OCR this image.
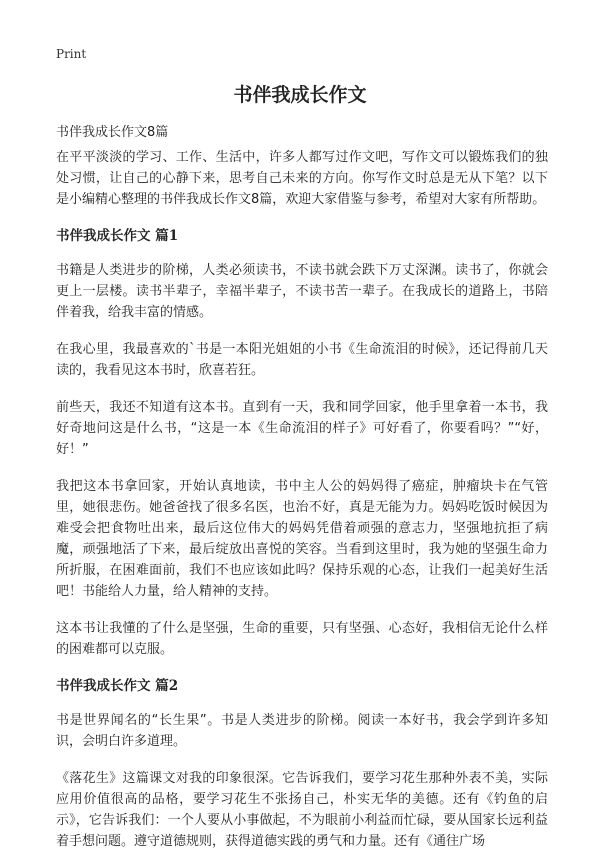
Print
书伴我成长作文
书伴我成长作文8篇

在平平淡淡的学习、工作、生活中，许多人都写过作文吧，写作文可以锻炼我们的独处习惯，让自己的心静下来，思考自己未来的方向。你写作文时总是无从下笔？以下是小编精心整理的书伴我成长作文8篇，欢迎大家借鉴与参考，希望对大家有所帮助。

书伴我成长作文 篇1

书籍是人类进步的阶梯，人类必须读书，不读书就会跌下万丈深渊。读书了，你就会更上一层楼。读书半辈子，幸福半辈子，不读书苦一辈子。在我成长的道路上，书陪伴着我，给我丰富的情感。

在我心里，我最喜欢的`书是一本阳光姐姐的小书《生命流泪的时候》，还记得前几天读的，我看见这本书时，欣喜若狂。

前些天，我还不知道有这本书。直到有一天，我和同学回家，他手里拿着一本书，我好奇地问这是什么书，“这是一本《生命流泪的样子》可好看了，你要看吗？”“好，好！”

我把这本书拿回家，开始认真地读，书中主人公的妈妈得了癌症，肿瘤块卡在气管里，她很悲伤。她爸爸找了很多名医，也治不好，真是无能为力。妈妈吃饭时候因为难受会把食物吐出来，最后这位伟大的妈妈凭借着顽强的意志力，坚强地抗拒了病魔，顽强地活了下来，最后绽放出喜悦的笑容。当看到这里时，我为她的坚强生命力所折服，在困难面前，我们不也应该如此吗？保持乐观的心态，让我们一起美好生活吧！书能给人力量，给人精神的支持。

这本书让我懂的了什么是坚强，生命的重要，只有坚强、心态好，我相信无论什么样的困难都可以克服。

书伴我成长作文 篇2

书是世界闻名的“长生果”。书是人类进步的阶梯。阅读一本好书，我会学到许多知识，会明白许多道理。

《落花生》这篇课文对我的印象很深。它告诉我们，要学习花生那种外表不美，实际应用价值很高的品格，要学习花生不张扬自己，朴实无华的美德。还有《钓鱼的启示》，它告诉我们：一个人要从小事做起，不为眼前小利益而忙碌，要从国家长远利益着手想问题。遵守道德规则，获得道德实践的勇气和力量。还有《通往广场
